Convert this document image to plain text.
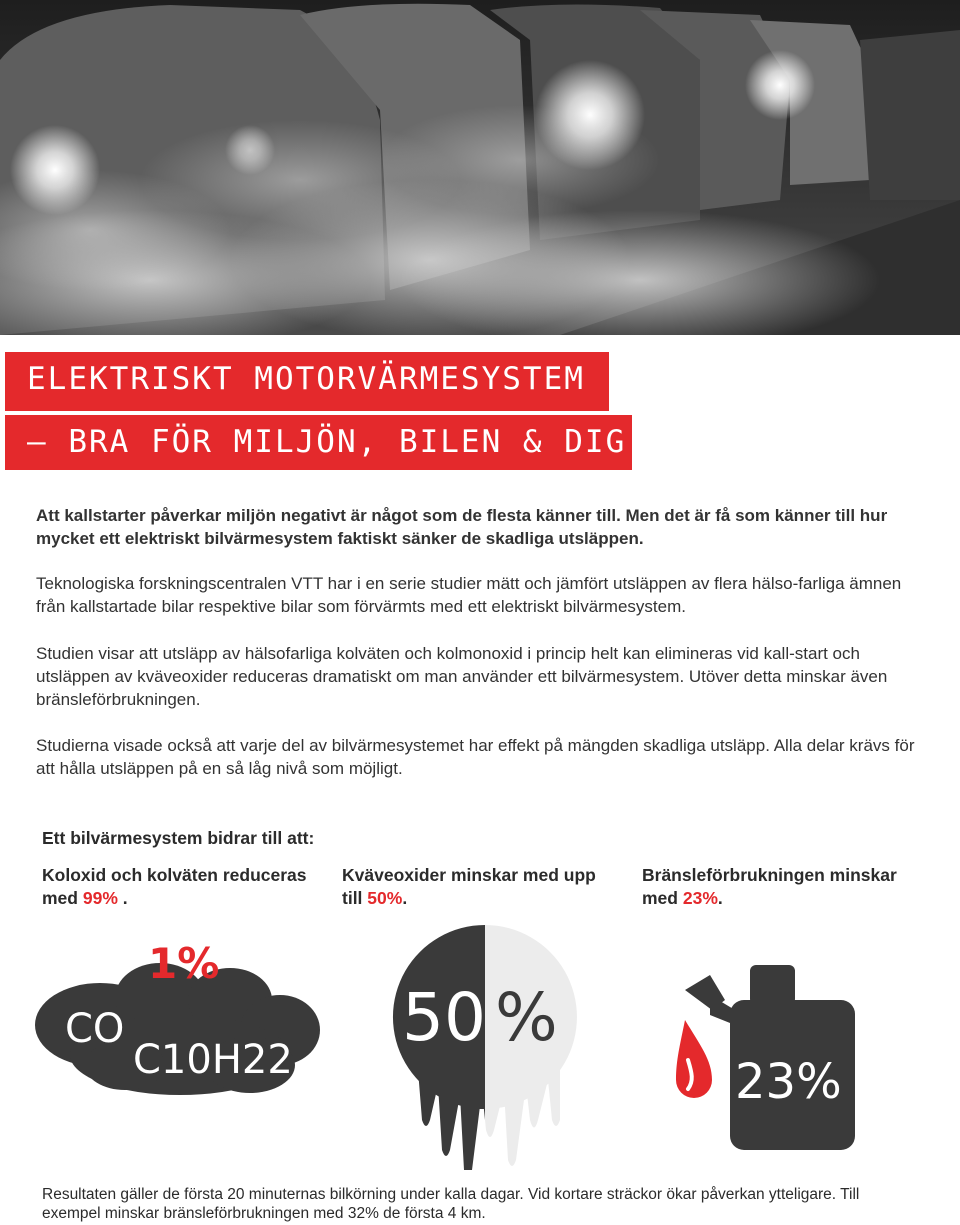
ELEKTRISKT MOTORVÄRMESYSTEM
– BRA FÖR MILJÖN, BILEN & DIG
Att kallstarter påverkar miljön negativt är något som de flesta känner till. Men det är få som känner till hur mycket ett elektriskt bilvärmesystem faktiskt sänker de skadliga utsläppen.
Teknologiska forskningscentralen VTT har i en serie studier mätt och jämfört utsläppen av flera hälso-farliga ämnen från kallstartade bilar respektive bilar som förvärmts med ett elektriskt bilvärmesystem.
Studien visar att utsläpp av hälsofarliga kolväten och kolmonoxid i princip helt kan elimineras vid kall-start och utsläppen av kväveoxider reduceras dramatiskt om man använder ett bilvärmesystem. Utöver detta minskar även bränsleförbrukningen.
Studierna visade också att varje del av bilvärmesystemet har effekt på mängden skadliga utsläpp. Alla delar krävs för att hålla utsläppen på en så låg nivå som möjligt.
Ett bilvärmesystem bidrar till att:
Koloxid och kolväten reduceras med 99% .
Kväveoxider minskar med upp till 50%.
Bränsleförbrukningen minskar med 23%.
1%
CO
C10H22
50 %
23%
Resultaten gäller de första 20 minuternas bilkörning under kalla dagar. Vid kortare sträckor ökar påverkan ytteligare. Till exempel minskar bränsleförbrukningen med 32% de första 4 km.
